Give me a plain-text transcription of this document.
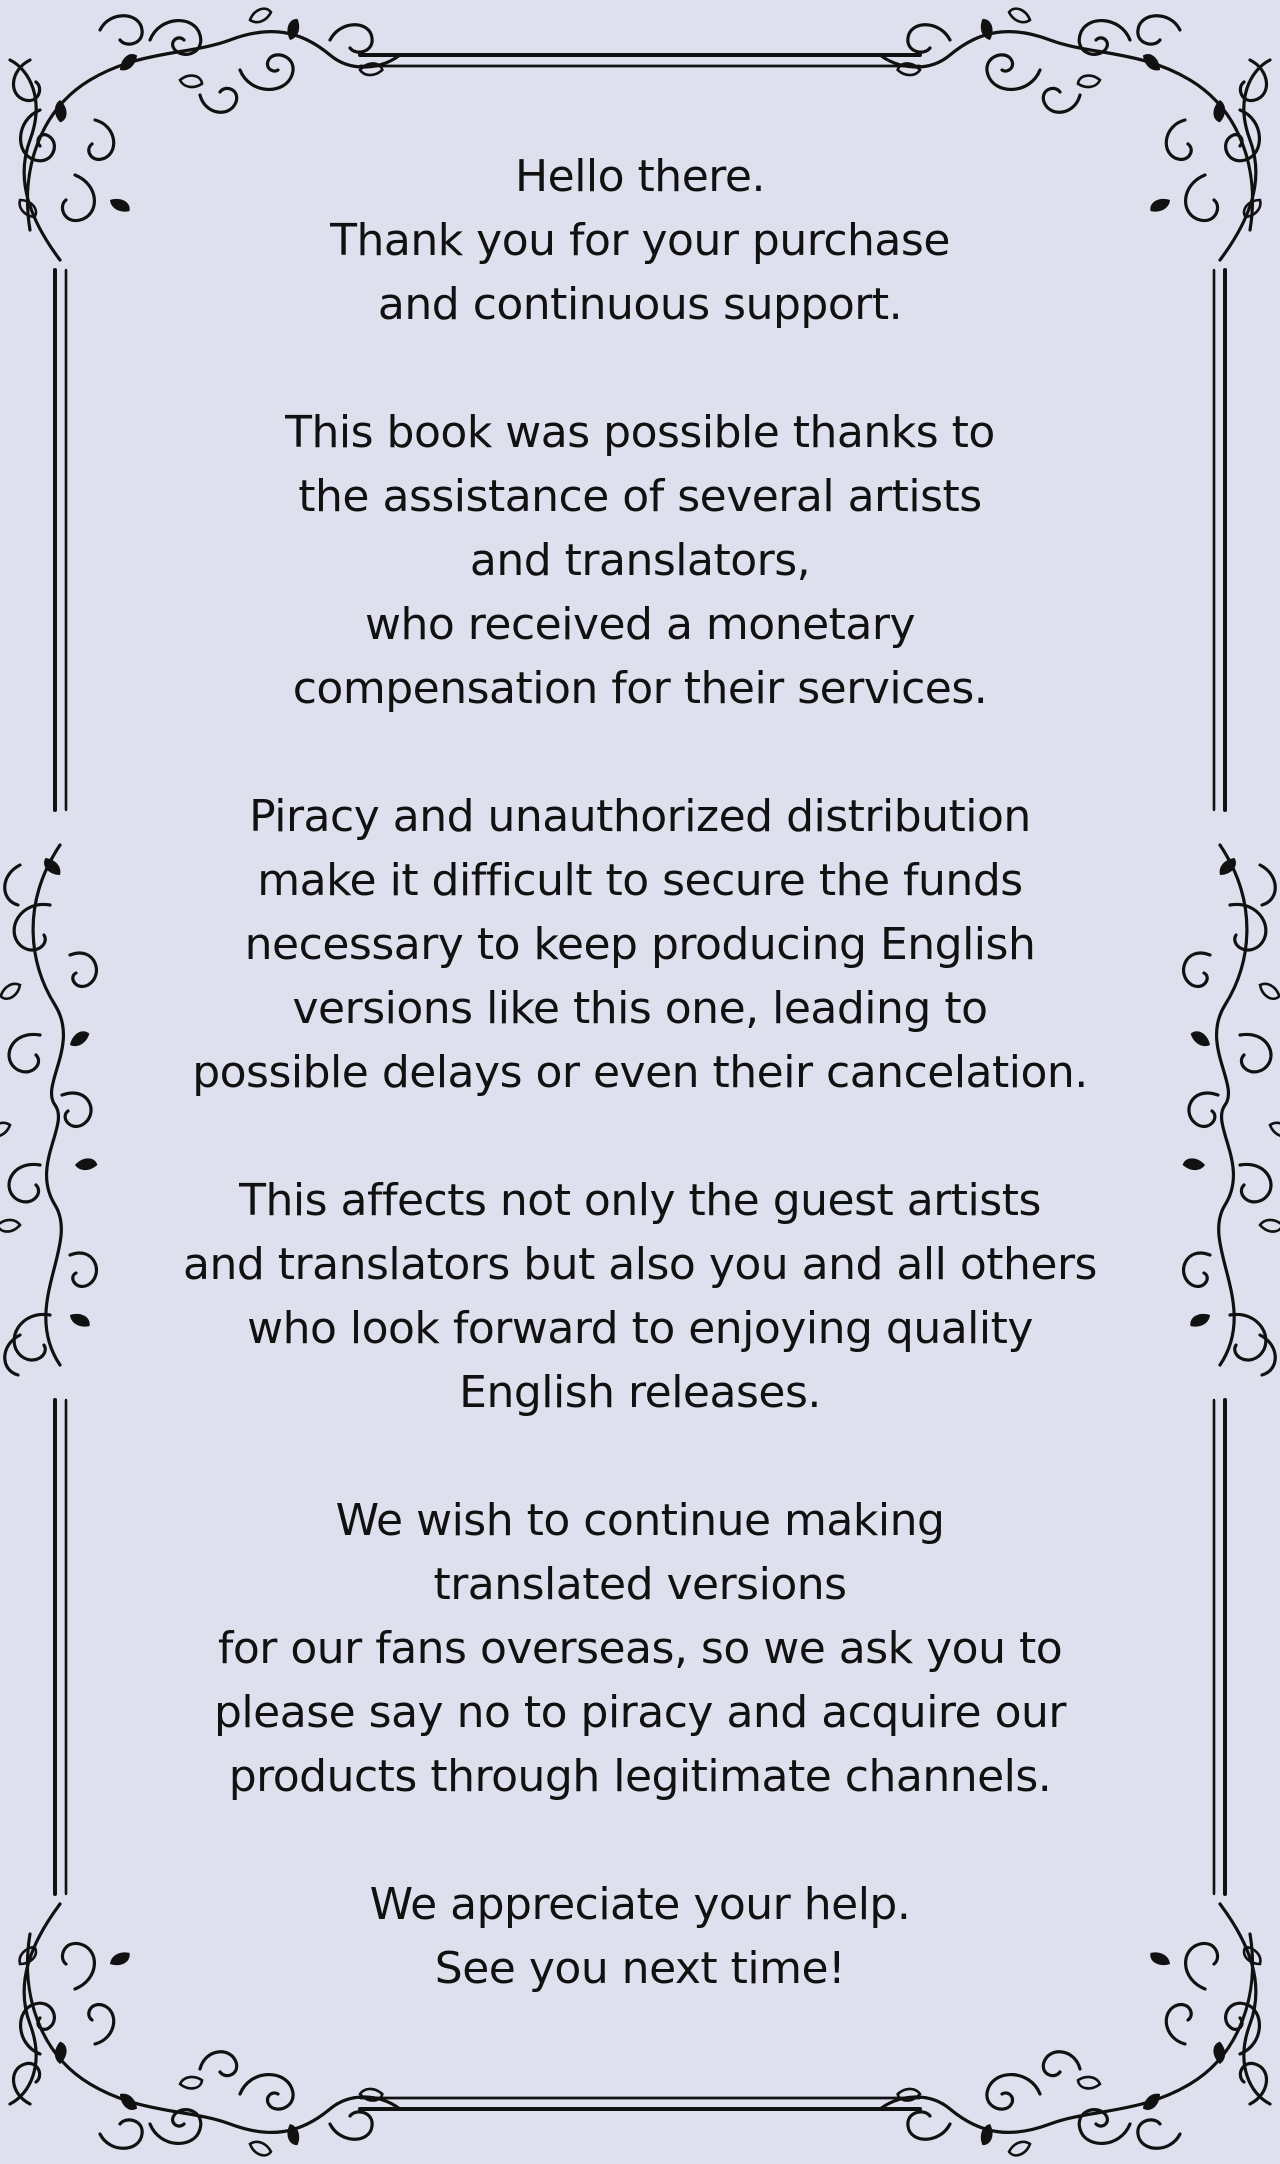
Hello there.
Thank you for your purchase
and continuous support.
This book was possible thanks to
the assistance of several artists
and translators,
who received a monetary
compensation for their services.
Piracy and unauthorized distribution
make it difficult to secure the funds
necessary to keep producing English
versions like this one, leading to
possible delays or even their cancelation.
This affects not only the guest artists
and translators but also you and all others
who look forward to enjoying quality
English releases.
We wish to continue making
translated versions
for our fans overseas, so we ask you to
please say no to piracy and acquire our
products through legitimate channels.
We appreciate your help.
See you next time!
